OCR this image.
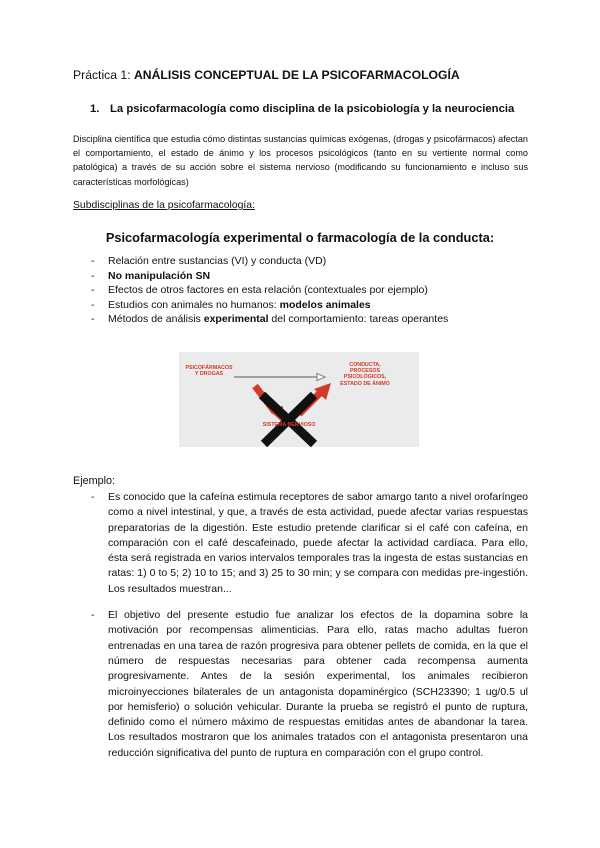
Práctica 1: ANÁLISIS CONCEPTUAL DE LA PSICOFARMACOLOGÍA

1. La psicofarmacología como disciplina de la psicobiología y la neurociencia

Disciplina científica que estudia cómo distintas sustancias químicas exógenas, (drogas y psicofármacos) afectan el comportamiento, el estado de ánimo y los procesos psicológicos (tanto en su vertiente normal como patológica) a través de su acción sobre el sistema nervioso (modificando su funcionamiento e incluso sus características morfológicas)

Subdisciplinas de la psicofarmacología:

Psicofarmacología experimental o farmacología de la conducta:

- Relación entre sustancias (VI) y conducta (VD)
- No manipulación SN
- Efectos de otros factores en esta relación (contextuales por ejemplo)
- Estudios con animales no humanos: modelos animales
- Métodos de análisis experimental del comportamiento: tareas operantes

PSICOFÁRMACOS
Y DROGAS

CONDUCTA,
PROCESOS
PSICOLÓGICOS,
ESTADO DE ÁNIMO

SISTEMA NERVIOSO

Ejemplo:

- Es conocido que la cafeína estimula receptores de sabor amargo tanto a nivel orofaríngeo como a nivel intestinal, y que, a través de esta actividad, puede afectar varias respuestas preparatorias de la digestión. Este estudio pretende clarificar si el café con cafeína, en comparación con el café descafeinado, puede afectar la actividad cardíaca. Para ello, ésta será registrada en varios intervalos temporales tras la ingesta de estas sustancias en ratas: 1) 0 to 5; 2) 10 to 15; and 3) 25 to 30 min; y se compara con medidas pre-ingestión. Los resultados muestran...
- El objetivo del presente estudio fue analizar los efectos de la dopamina sobre la motivación por recompensas alimenticias. Para ello, ratas macho adultas fueron entrenadas en una tarea de razón progresiva para obtener pellets de comida, en la que el número de respuestas necesarias para obtener cada recompensa aumenta progresivamente. Antes de la sesión experimental, los animales recibieron microinyecciones bilaterales de un antagonista dopaminérgico (SCH23390; 1 ug/0.5 ul por hemisferio) o solución vehicular. Durante la prueba se registró el punto de ruptura, definido como el número máximo de respuestas emitidas antes de abandonar la tarea. Los resultados mostraron que los animales tratados con el antagonista presentaron una reducción significativa del punto de ruptura en comparación con el grupo control.
